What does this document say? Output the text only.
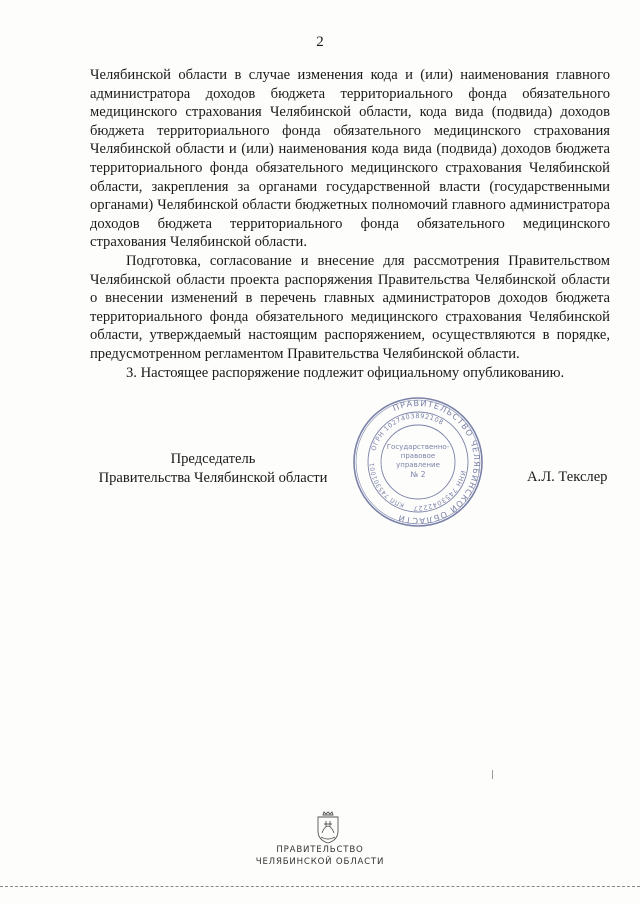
2

Челябинской области в случае изменения кода и (или) наименования главного администратора доходов бюджета территориального фонда обязательного медицинского страхования Челябинской области, кода вида (подвида) доходов бюджета территориального фонда обязательного медицинского страхования Челябинской области и (или) наименования кода вида (подвида) доходов бюджета территориального фонда обязательного медицинского страхования Челябинской области, закрепления за органами государственной власти (государственными органами) Челябинской области бюджетных полномочий главного администратора доходов бюджета территориального фонда обязательного медицинского страхования Челябинской области.

Подготовка, согласование и внесение для рассмотрения Правительством Челябинской области проекта распоряжения Правительства Челябинской области о внесении изменений в перечень главных администраторов доходов бюджета территориального фонда обязательного медицинского страхования Челябинской области, утверждаемый настоящим распоряжением, осуществляются в порядке, предусмотренном регламентом Правительства Челябинской области.

3. Настоящее распоряжение подлежит официальному опубликованию.

Председатель
Правительства Челябинской области	А.Л. Текслер
ПРАВИТЕЛЬСТВО ЧЕЛЯБИНСКОЙ ОБЛАСТИ
ОГРН 1027403892108
ИНН 7453042227
КПП 745301001
Государственно-
правовое
управление
№ 2
ПРАВИТЕЛЬСТВО
ЧЕЛЯБИНСКОЙ ОБЛАСТИ
